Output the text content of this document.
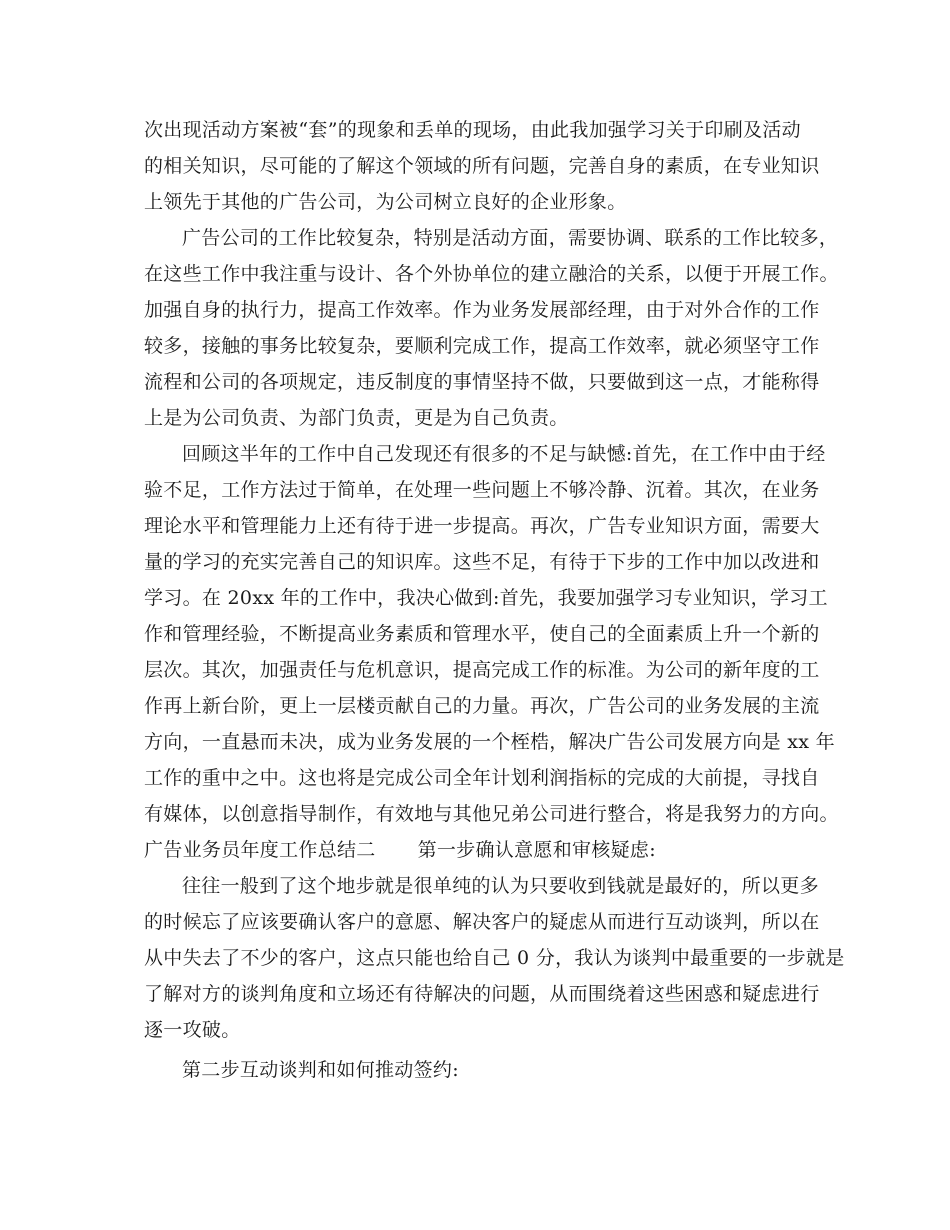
次出现活动方案被“套”的现象和丢单的现场，由此我加强学习关于印刷及活动
的相关知识，尽可能的了解这个领域的所有问题，完善自身的素质，在专业知识
上领先于其他的广告公司，为公司树立良好的企业形象。
广告公司的工作比较复杂，特别是活动方面，需要协调、联系的工作比较多，
在这些工作中我注重与设计、各个外协单位的建立融洽的关系，以便于开展工作。
加强自身的执行力，提高工作效率。作为业务发展部经理，由于对外合作的工作
较多，接触的事务比较复杂，要顺利完成工作，提高工作效率，就必须坚守工作
流程和公司的各项规定，违反制度的事情坚持不做，只要做到这一点，才能称得
上是为公司负责、为部门负责，更是为自己负责。
回顾这半年的工作中自己发现还有很多的不足与缺憾:首先，在工作中由于经
验不足，工作方法过于简单，在处理一些问题上不够冷静、沉着。其次，在业务
理论水平和管理能力上还有待于进一步提高。再次，广告专业知识方面，需要大
量的学习的充实完善自己的知识库。这些不足，有待于下步的工作中加以改进和
学习。在 20xx 年的工作中，我决心做到:首先，我要加强学习专业知识，学习工
作和管理经验，不断提高业务素质和管理水平，使自己的全面素质上升一个新的
层次。其次，加强责任与危机意识，提高完成工作的标准。为公司的新年度的工
作再上新台阶，更上一层楼贡献自己的力量。再次，广告公司的业务发展的主流
方向，一直悬而未决，成为业务发展的一个桎梏，解决广告公司发展方向是 xx 年
工作的重中之中。这也将是完成公司全年计划利润指标的完成的大前提，寻找自
有媒体，以创意指导制作，有效地与其他兄弟公司进行整合，将是我努力的方向。
广告业务员年度工作总结二 第一步确认意愿和审核疑虑:
往往一般到了这个地步就是很单纯的认为只要收到钱就是最好的，所以更多
的时候忘了应该要确认客户的意愿、解决客户的疑虑从而进行互动谈判，所以在
从中失去了不少的客户，这点只能也给自己 0 分，我认为谈判中最重要的一步就是
了解对方的谈判角度和立场还有待解决的问题，从而围绕着这些困惑和疑虑进行
逐一攻破。
第二步互动谈判和如何推动签约:
